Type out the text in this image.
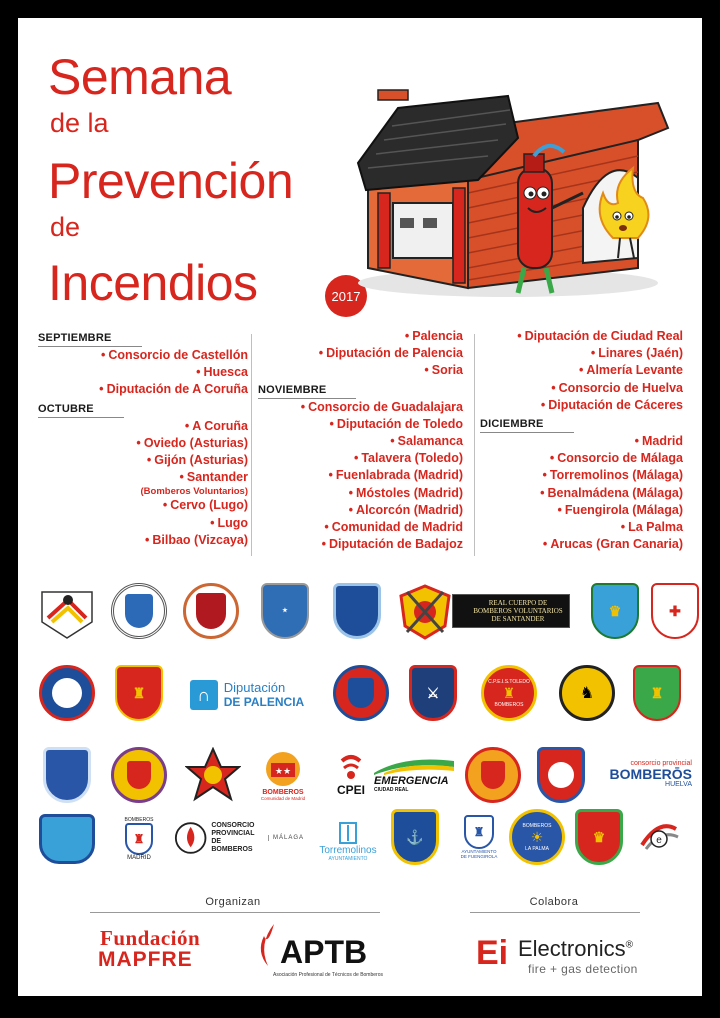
Semana
de la
Prevención
de
Incendios	2017
SEPTIEMBRE
• Consorcio de Castellón
• Huesca
• Diputación de A Coruña
OCTUBRE
• A Coruña
• Oviedo (Asturias)
• Gijón (Asturias)
• Santander
(Bomberos Voluntarios)
• Cervo (Lugo)
• Lugo
• Bilbao (Vizcaya)
• Palencia
• Diputación de Palencia
• Soria
NOVIEMBRE
• Consorcio de Guadalajara
• Diputación de Toledo
• Salamanca
• Talavera (Toledo)
• Fuenlabrada (Madrid)
• Móstoles (Madrid)
• Alcorcón (Madrid)
• Comunidad de Madrid
• Diputación de Badajoz
• Diputación de Ciudad Real
• Linares (Jaén)
• Almería Levante
• Consorcio de Huelva
• Diputación de Cáceres
DICIEMBRE
• Madrid
• Consorcio de Málaga
• Torremolinos (Málaga)
• Benalmádena (Málaga)
• Fuengirola (Málaga)
• La Palma
• Arucas (Gran Canaria)
★
REAL CUERPO DE
BOMBEROS VOLUNTARIOS
DE SANTANDER
♛	✚
♜	∩	Diputación
DE PALENCIA
⚔
C.P.E.I.S.TOLEDO
♜
BOMBEROS
♞	♜
★★
BOMBEROS
Comunidad de Madrid
CPEI
EMERGENCIA
CIUDAD REAL
consorcio provincial
BOMBERŌS
HUELVA
BOMBEROS
♜
MADRID
CONSORCIO
PROVINCIAL DE
BOMBEROS
MÁLAGA
Torremolinos
AYUNTAMIENTO
⚓	♜
AYUNTAMIENTO
DE FUENGIROLA
BOMBEROS
☀
LA PALMA
♛	e
Organizan	Colabora
Fundación
MAPFRE	APTB
Asociación Profesional de Técnicos de Bomberos
Ei Electronics®
fire + gas detection
